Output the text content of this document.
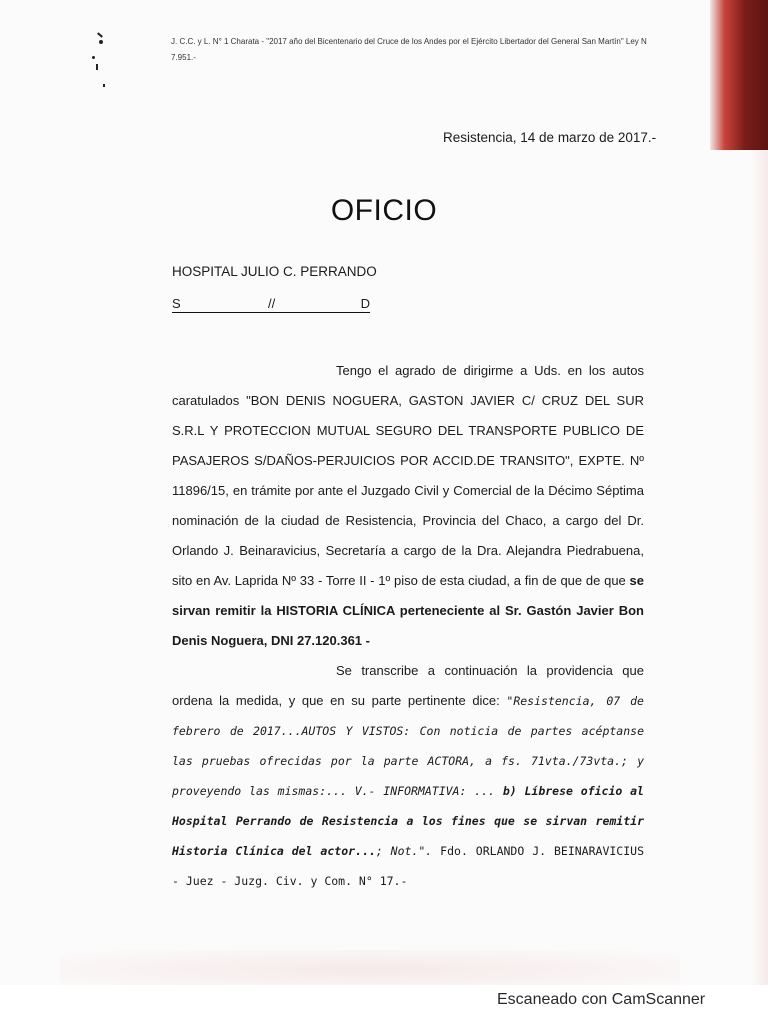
J. C.C. y L. N° 1 Charata - "2017 año del Bicentenario del Cruce de los Andes por el Ejército Libertador del General San Martín" Ley N 7.951.-
Resistencia, 14 de marzo de 2017.-
OFICIO
HOSPITAL JULIO C. PERRANDO
S	//	D

Tengo el agrado de dirigirme a Uds. en los autos caratulados "BON DENIS NOGUERA, GASTON JAVIER C/ CRUZ DEL SUR S.R.L Y PROTECCION MUTUAL SEGURO DEL TRANSPORTE PUBLICO DE PASAJEROS S/DAÑOS-PERJUICIOS POR ACCID.DE TRANSITO", EXPTE. Nº 11896/15, en trámite por ante el Juzgado Civil y Comercial de la Décimo Séptima nominación de la ciudad de Resistencia, Provincia del Chaco, a cargo del Dr. Orlando J. Beinaravicius, Secretaría a cargo de la Dra. Alejandra Piedrabuena, sito en Av. Laprida Nº 33 - Torre II - 1º piso de esta ciudad, a fin de que de que se sirvan remitir la HISTORIA CLÍNICA perteneciente al Sr. Gastón Javier Bon Denis Noguera, DNI 27.120.361 -

Se transcribe a continuación la providencia que ordena la medida, y que en su parte pertinente dice: "Resistencia, 07 de febrero de 2017...AUTOS Y VISTOS: Con noticia de partes acéptanse las pruebas ofrecidas por la parte ACTORA, a fs. 71vta./73vta.; y proveyendo las mismas:... V.- INFORMATIVA: ... b) Líbrese oficio al Hospital Perrando de Resistencia a los fines que se sirvan remitir Historia Clínica del actor...; Not.". Fdo. ORLANDO J. BEINARAVICIUS - Juez - Juzg. Civ. y Com. N° 17.-

Escaneado con CamScanner
